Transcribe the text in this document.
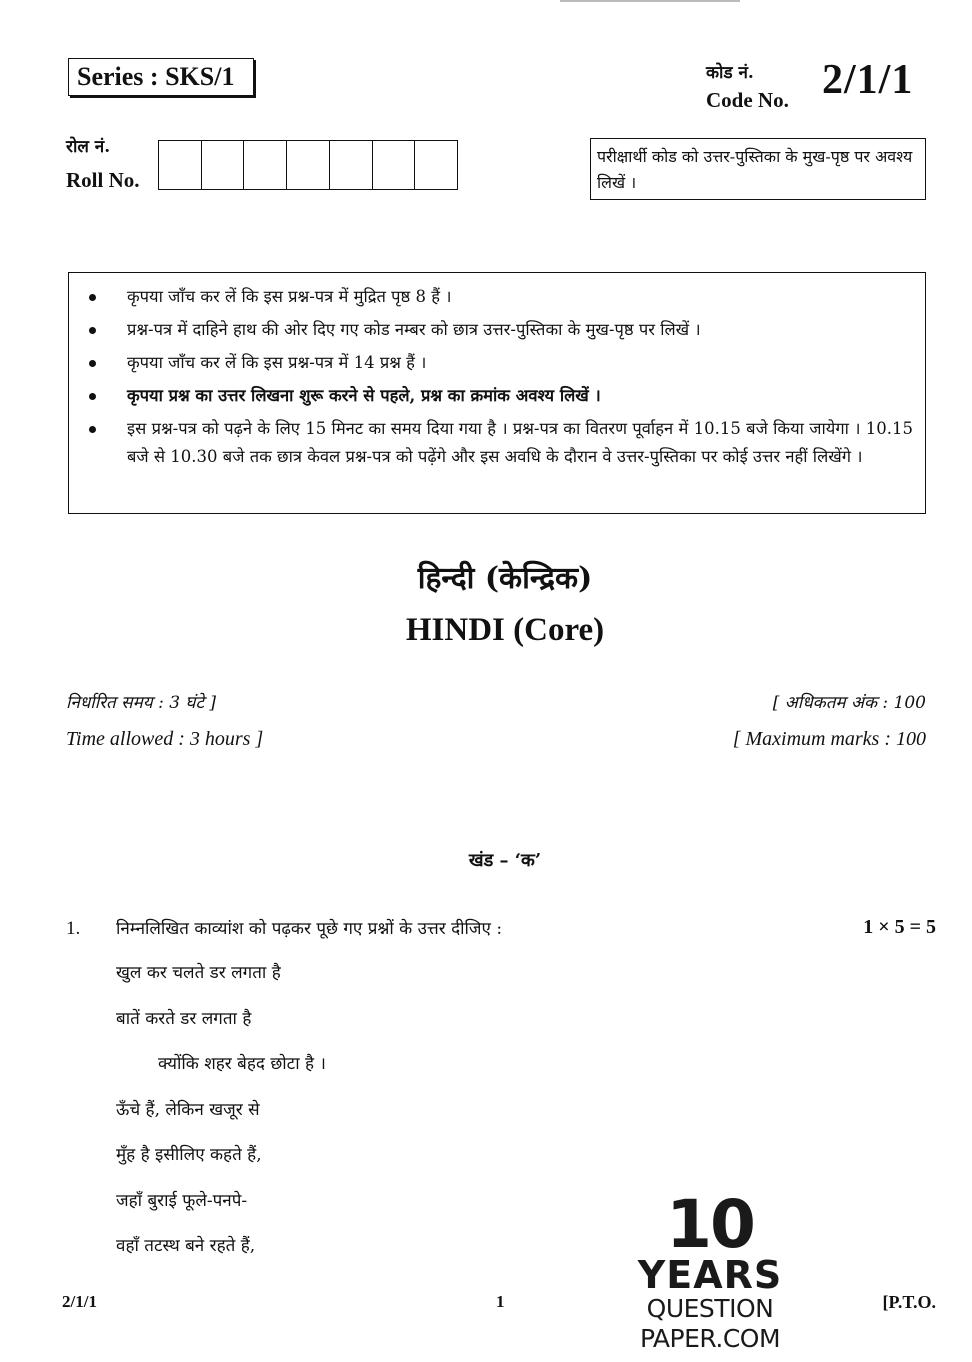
Series : SKS/1	कोड नं.
Code No. 2/1/1
रोल नं.
Roll No.
परीक्षार्थी कोड को उत्तर-पुस्तिका के मुख-पृष्ठ पर अवश्य लिखें ।
कृपया जाँच कर लें कि इस प्रश्न-पत्र में मुद्रित पृष्ठ 8 हैं ।
प्रश्न-पत्र में दाहिने हाथ की ओर दिए गए कोड नम्बर को छात्र उत्तर-पुस्तिका के मुख-पृष्ठ पर लिखें ।
कृपया जाँच कर लें कि इस प्रश्न-पत्र में 14 प्रश्न हैं ।
कृपया प्रश्न का उत्तर लिखना शुरू करने से पहले, प्रश्न का क्रमांक अवश्य लिखें ।
इस प्रश्न-पत्र को पढ़ने के लिए 15 मिनट का समय दिया गया है । प्रश्न-पत्र का वितरण पूर्वाहन में 10.15 बजे किया जायेगा । 10.15 बजे से 10.30 बजे तक छात्र केवल प्रश्न-पत्र को पढ़ेंगे और इस अवधि के दौरान वे उत्तर-पुस्तिका पर कोई उत्तर नहीं लिखेंगे ।
हिन्दी (केन्द्रिक)
HINDI (Core)
निर्धारित समय : 3 घंटे ]
Time allowed : 3 hours ]
[ अधिकतम अंक : 100
[ Maximum marks : 100
खंड – ‘क’
1. निम्नलिखित काव्यांश को पढ़कर पूछे गए प्रश्नों के उत्तर दीजिए :	1 × 5 = 5
खुल कर चलते डर लगता है
बातें करते डर लगता है
क्योंकि शहर बेहद छोटा है ।
ऊँचे हैं, लेकिन खजूर से
मुँह है इसीलिए कहते हैं,
जहाँ बुराई फूले-पनपे-
वहाँ तटस्थ बने रहते हैं,	10
YEARS
QUESTION PAPER.COM
2/1/1	1	[P.T.O.
